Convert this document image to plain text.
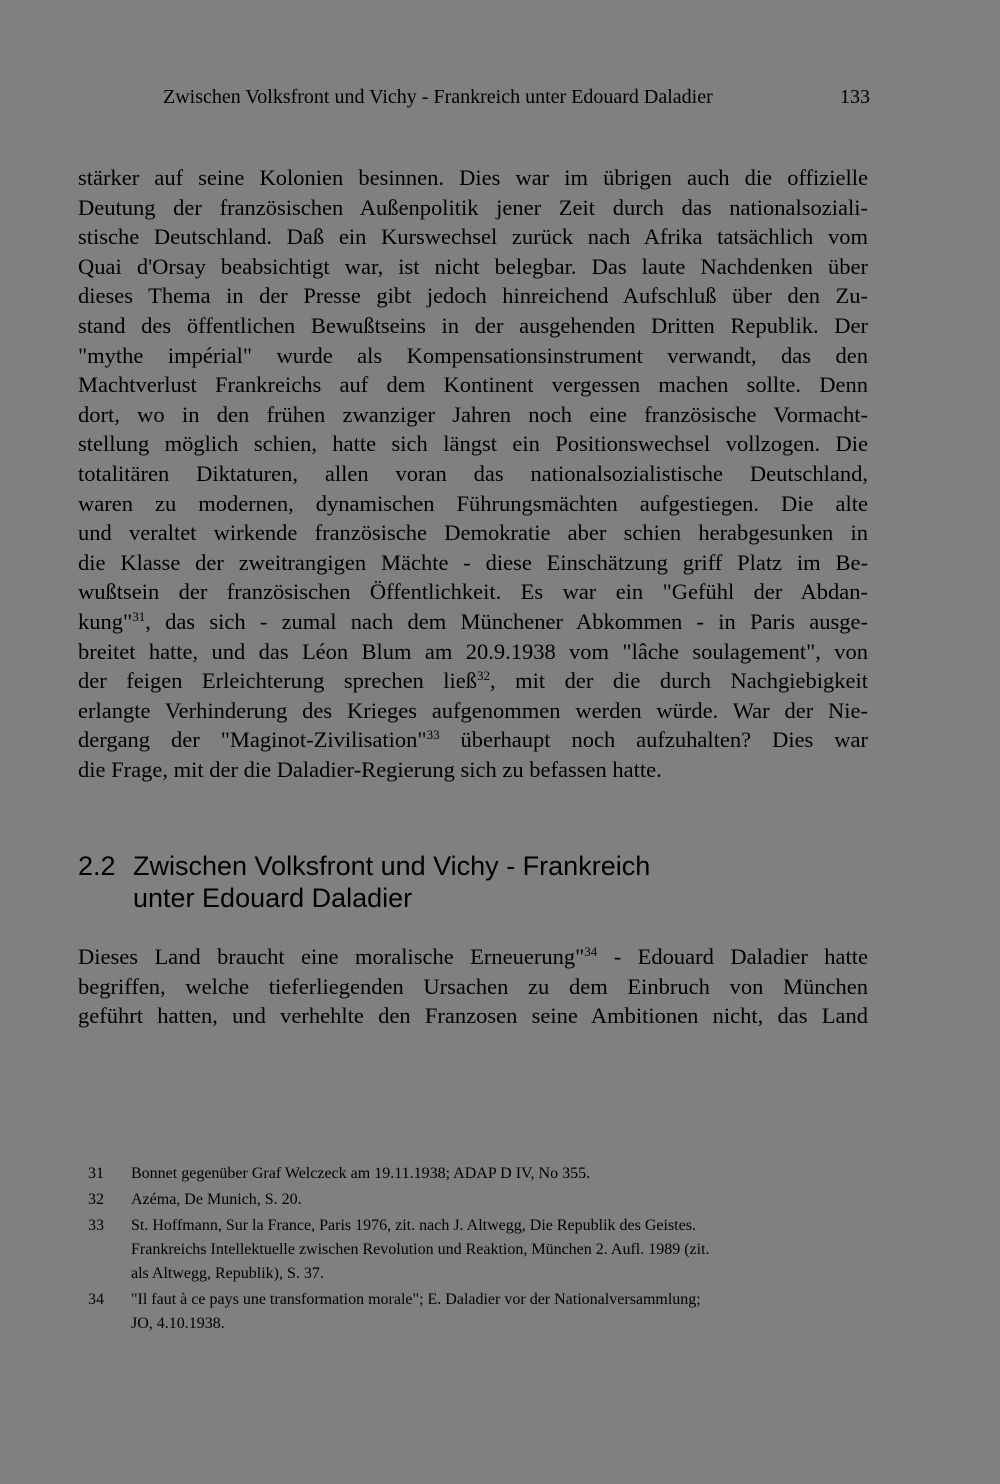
Zwischen Volksfront und Vichy - Frankreich unter Edouard Daladier	133
stärker auf seine Kolonien besinnen. Dies war im übrigen auch die offizielle
Deutung der französischen Außenpolitik jener Zeit durch das nationalsoziali-
stische Deutschland. Daß ein Kurswechsel zurück nach Afrika tatsächlich vom
Quai d'Orsay beabsichtigt war, ist nicht belegbar. Das laute Nachdenken über
dieses Thema in der Presse gibt jedoch hinreichend Aufschluß über den Zu-
stand des öffentlichen Bewußtseins in der ausgehenden Dritten Republik. Der
"mythe impérial" wurde als Kompensationsinstrument verwandt, das den
Machtverlust Frankreichs auf dem Kontinent vergessen machen sollte. Denn
dort, wo in den frühen zwanziger Jahren noch eine französische Vormacht-
stellung möglich schien, hatte sich längst ein Positionswechsel vollzogen. Die
totalitären Diktaturen, allen voran das nationalsozialistische Deutschland,
waren zu modernen, dynamischen Führungsmächten aufgestiegen. Die alte
und veraltet wirkende französische Demokratie aber schien herabgesunken in
die Klasse der zweitrangigen Mächte - diese Einschätzung griff Platz im Be-
wußtsein der französischen Öffentlichkeit. Es war ein "Gefühl der Abdan-
kung"$^{31}$, das sich - zumal nach dem Münchener Abkommen - in Paris ausge-
breitet hatte, und das Léon Blum am 20.9.1938 vom "lâche soulagement", von
der feigen Erleichterung sprechen ließ$^{32}$, mit der die durch Nachgiebigkeit
erlangte Verhinderung des Krieges aufgenommen werden würde. War der Nie-
dergang der "Maginot-Zivilisation"$^{33}$ überhaupt noch aufzuhalten? Dies war
die Frage, mit der die Daladier-Regierung sich zu befassen hatte.
2.2 Zwischen Volksfront und Vichy - Frankreich
unter Edouard Daladier
Dieses Land braucht eine moralische Erneuerung"$^{34}$ - Edouard Daladier hatte
begriffen, welche tieferliegenden Ursachen zu dem Einbruch von München
geführt hatten, und verhehlte den Franzosen seine Ambitionen nicht, das Land
31 Bonnet gegenüber Graf Welczeck am 19.11.1938; ADAP D IV, No 355.
32 Azéma, De Munich, S. 20.
33 St. Hoffmann, Sur la France, Paris 1976, zit. nach J. Altwegg, Die Republik des Geistes.
Frankreichs Intellektuelle zwischen Revolution und Reaktion, München 2. Aufl. 1989 (zit.
als Altwegg, Republik), S. 37.
34 "Il faut à ce pays une transformation morale"; E. Daladier vor der Nationalversammlung;
JO, 4.10.1938.
